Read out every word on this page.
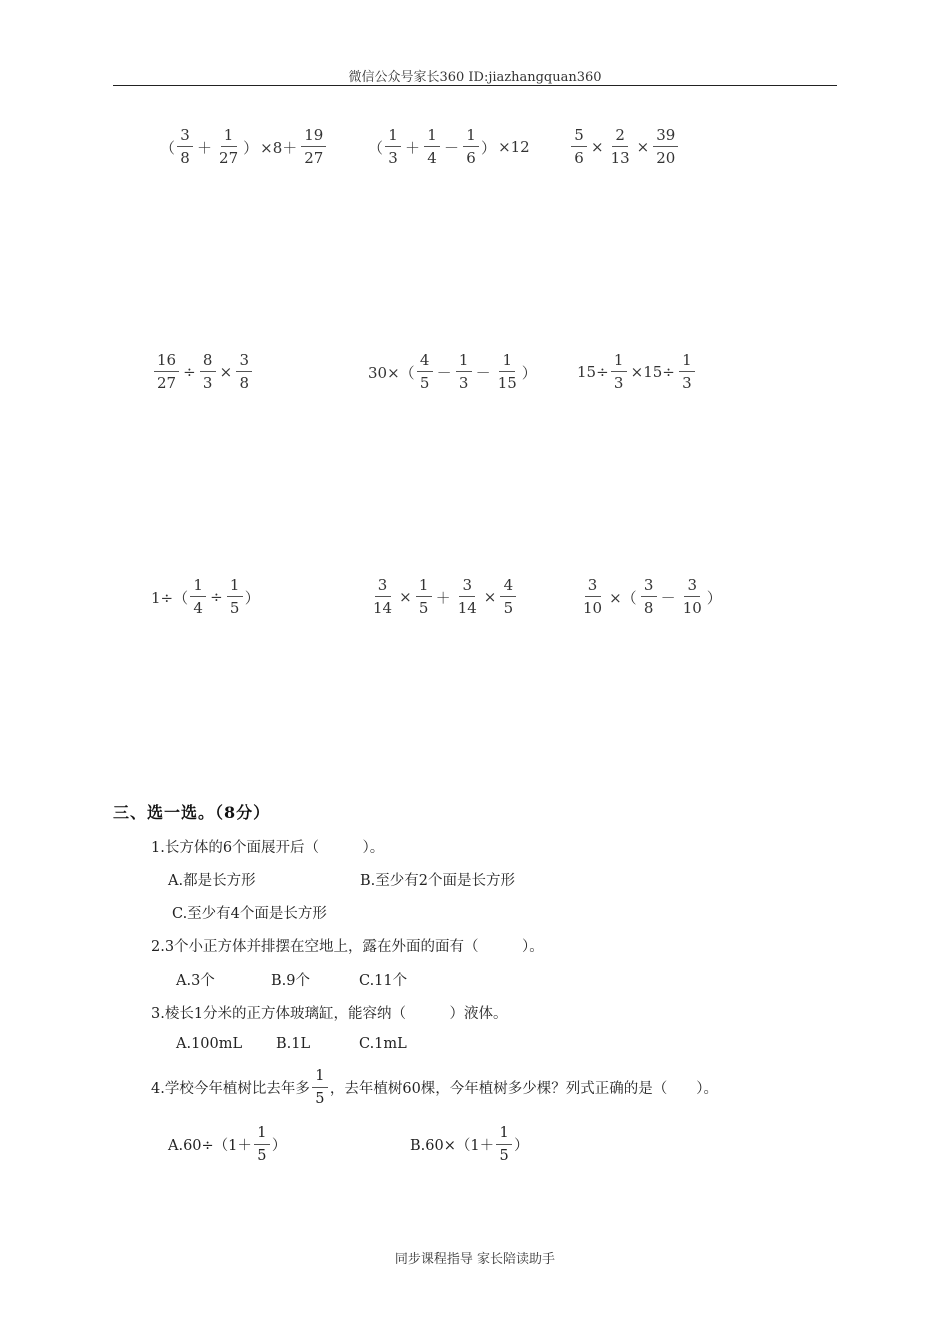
微信公众号家长360 ID:jiazhangquan360
（ $\frac{3}{8} + \frac{1}{27}$ ） $\times 8+ \frac{19}{27}$	（ $\frac{1}{3} + \frac{1}{4} - \frac{1}{6}$ ） ×12	$\frac{5}{6} \times \frac{2}{13} \times \frac{39}{20}$
$\frac{16}{27} \div \frac{8}{3} \times \frac{3}{8}$	$30\times( \frac{4}{5} - \frac{1}{3} - \frac{1}{15}$ ）	$15\div \frac{1}{3} \times 15\div \frac{1}{3}$
$1\div( \frac{1}{4} \div \frac{1}{5}$ ）	$\frac{3}{14} \times \frac{1}{5} + \frac{3}{14} \times \frac{4}{5}$	$\frac{3}{10}$ ×（ $\frac{3}{8} - \frac{3}{10}$ ）
三、选一选。（8分）
1.长方体的6个面展开后（　　　）。
A.都是长方形	B.至少有2个面是长方形
C.至少有4个面是长方形
2.3个小正方体并排摆在空地上，露在外面的面有（　　　）。
A.3个	B.9个	C.11个
3.棱长1分米的正方体玻璃缸，能容纳（　　　）液体。
A.100mL B.1L	C.1mL
4.学校今年植树比去年多 $\frac{1}{5}$ ，去年植树60棵，今年植树多少棵？列式正确的是（　　）。
$A.60\div(1+ \frac{1}{5}$ ）	$B.60\times(1+ \frac{1}{5}$ ）
同步课程指导 家长陪读助手
